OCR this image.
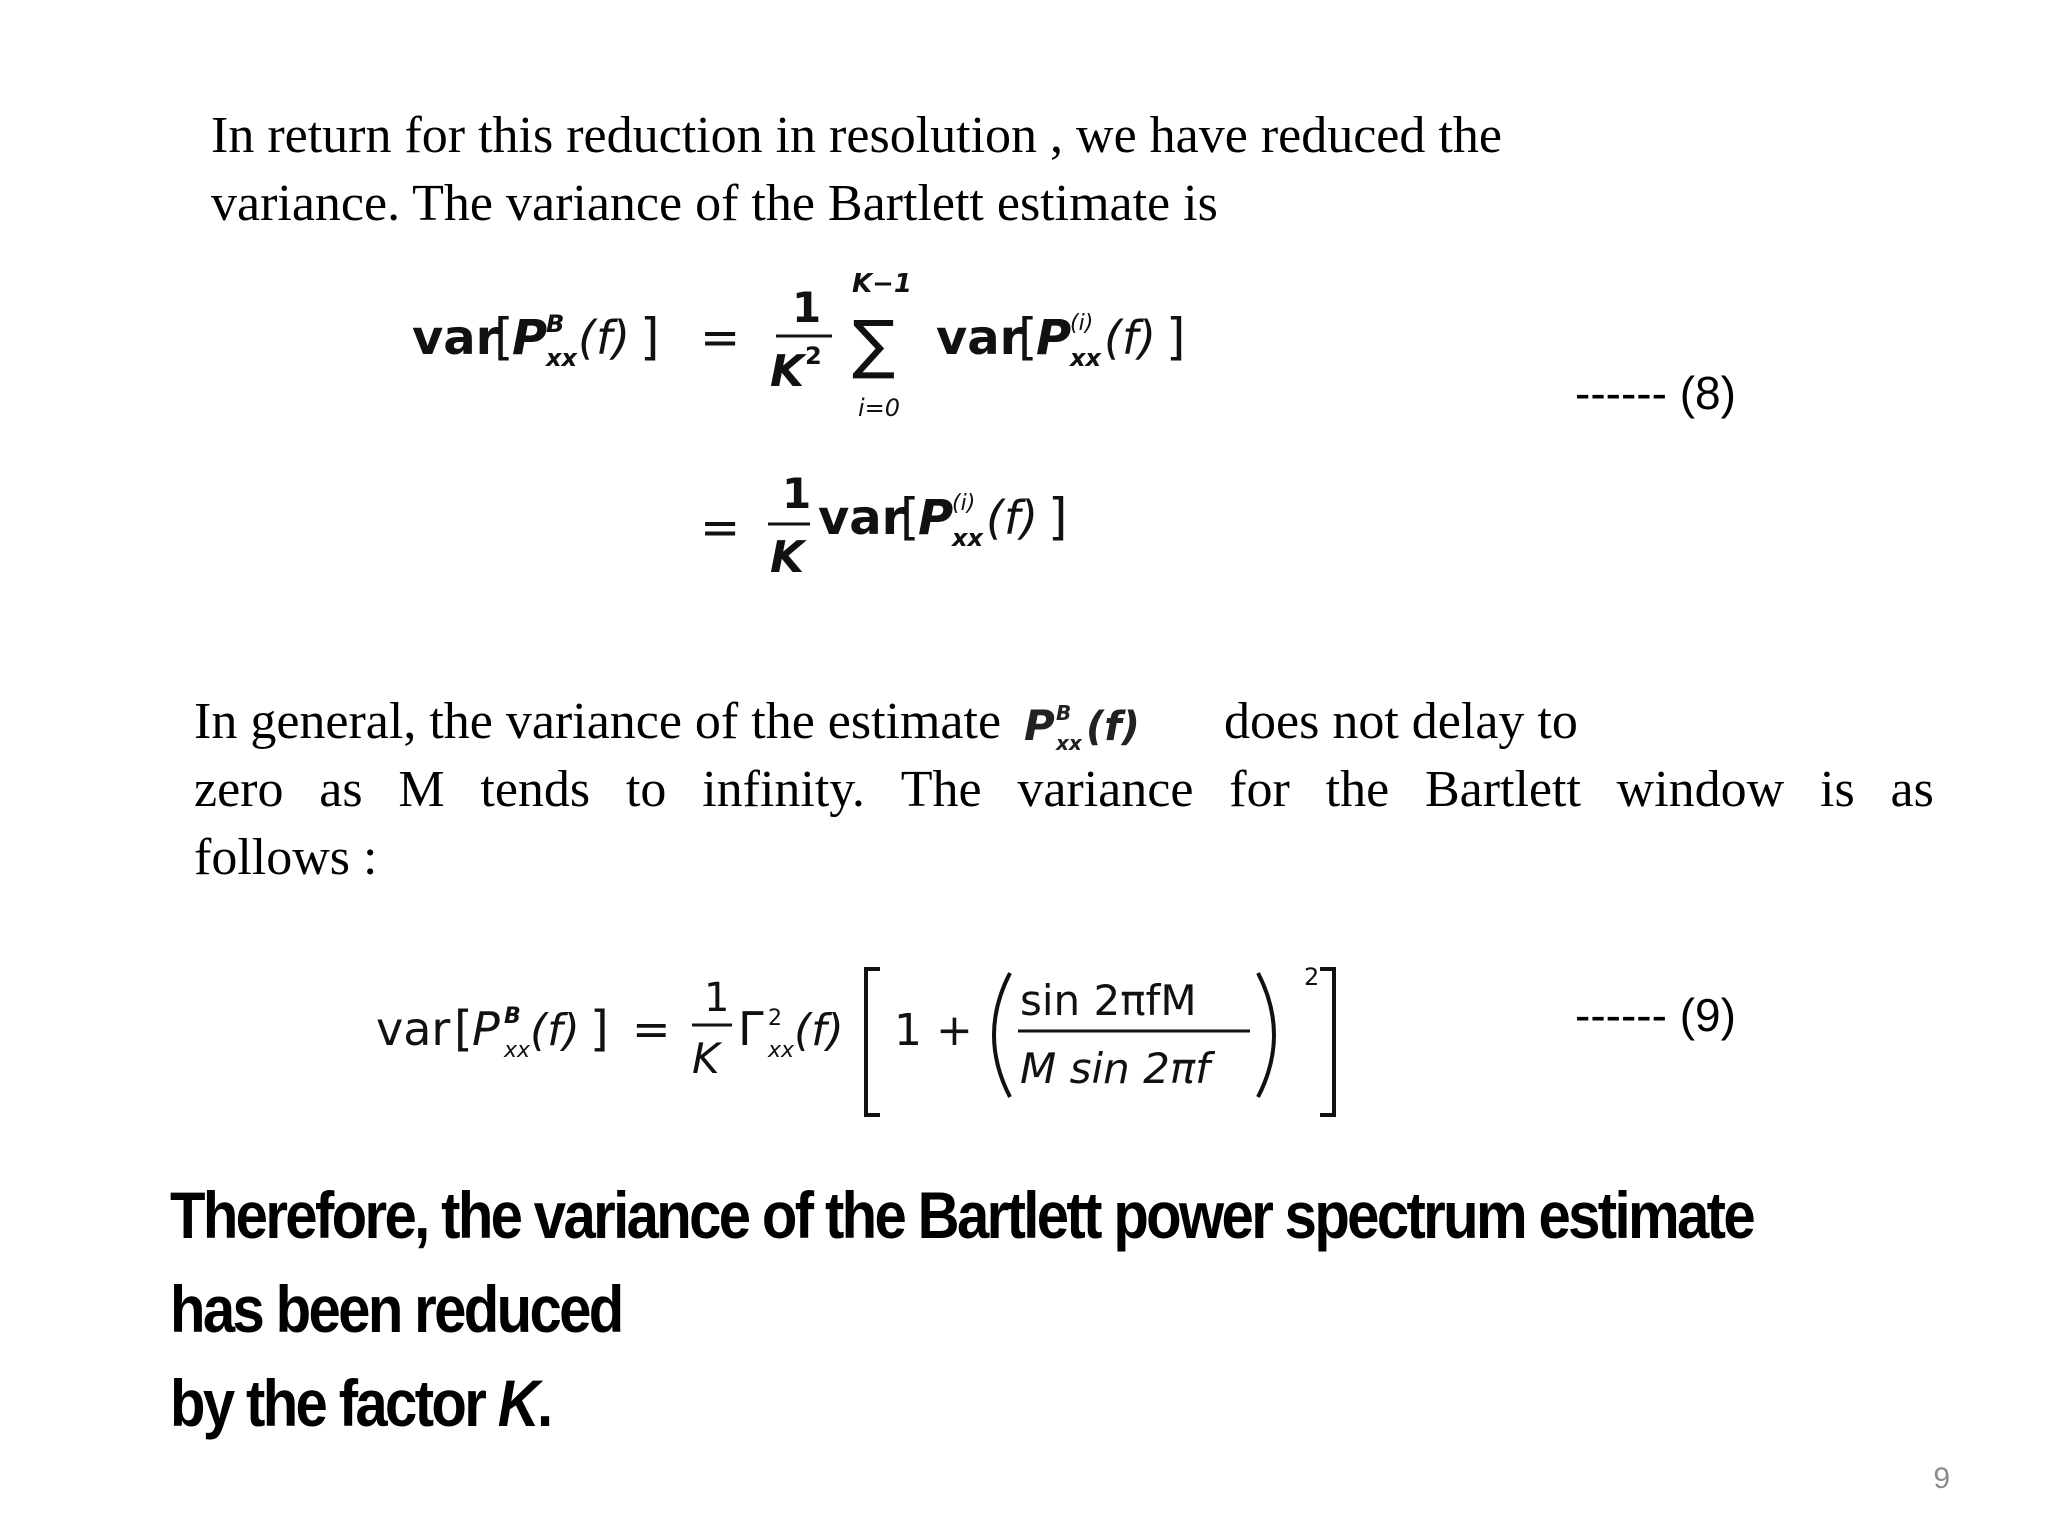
In return for this reduction in resolution , we have reduced the
variance. The variance of the Bartlett estimate is
var
[
P
B
xx (f) ] =
1
K 2
K−1
∑
i=0
var
[
P
(i)
xx (f) ]
=
1
K
var
[
P
(i)
xx (f) ]
------ (8)
In general, the variance of the estimate P B
xx (f) does not delay to
zero as M tends to infinity. The variance for the Bartlett window is as
follows :
var [ P B
xx (f) ] =
1
K
Γ 2
xx (f) 1 +
sin 2πfM
M sin 2πf
2
------ (9)
Therefore, the variance of the Bartlett power spectrum estimate has been reduced
by the factor K.
9
